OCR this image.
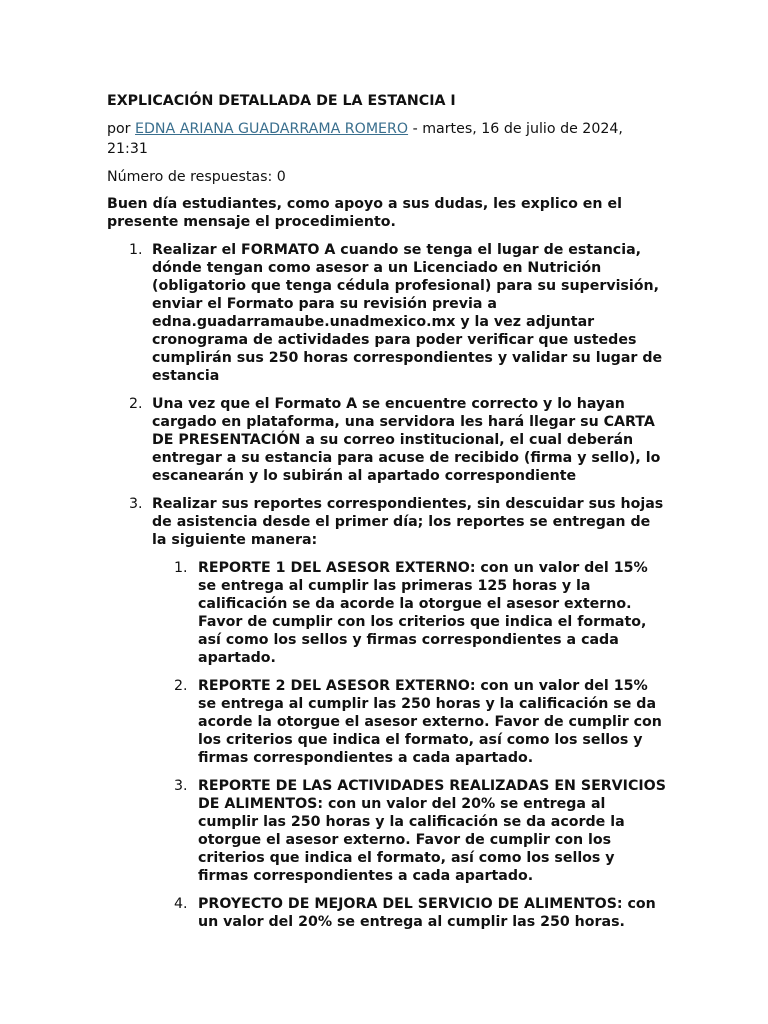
EXPLICACIÓN DETALLADA DE LA ESTANCIA I
por EDNA ARIANA GUADARRAMA ROMERO - martes, 16 de julio de 2024, 21:31
Número de respuestas: 0
Buen día estudiantes, como apoyo a sus dudas, les explico en el presente mensaje el procedimiento.
1. Realizar el FORMATO A cuando se tenga el lugar de estancia, dónde tengan como asesor a un Licenciado en Nutrición (obligatorio que tenga cédula profesional) para su supervisión, enviar el Formato para su revisión previa a edna.guadarramaube.unadmexico.mx y la vez adjuntar cronograma de actividades para poder verificar que ustedes cumplirán sus 250 horas correspondientes y validar su lugar de estancia
2. Una vez que el Formato A se encuentre correcto y lo hayan cargado en plataforma, una servidora les hará llegar su CARTA DE PRESENTACIÓN a su correo institucional, el cual deberán entregar a su estancia para acuse de recibido (firma y sello), lo escanearán y lo subirán al apartado correspondiente
3. Realizar sus reportes correspondientes, sin descuidar sus hojas de asistencia desde el primer día; los reportes se entregan de la siguiente manera:
1. REPORTE 1 DEL ASESOR EXTERNO: con un valor del 15% se entrega al cumplir las primeras 125 horas y la calificación se da acorde la otorgue el asesor externo. Favor de cumplir con los criterios que indica el formato, así como los sellos y firmas correspondientes a cada apartado.
2. REPORTE 2 DEL ASESOR EXTERNO: con un valor del 15% se entrega al cumplir las 250 horas y la calificación se da acorde la otorgue el asesor externo. Favor de cumplir con los criterios que indica el formato, así como los sellos y firmas correspondientes a cada apartado.
3. REPORTE DE LAS ACTIVIDADES REALIZADAS EN SERVICIOS DE ALIMENTOS: con un valor del 20% se entrega al cumplir las 250 horas y la calificación se da acorde la otorgue el asesor externo. Favor de cumplir con los criterios que indica el formato, así como los sellos y firmas correspondientes a cada apartado.
4. PROYECTO DE MEJORA DEL SERVICIO DE ALIMENTOS: con un valor del 20% se entrega al cumplir las 250 horas.
